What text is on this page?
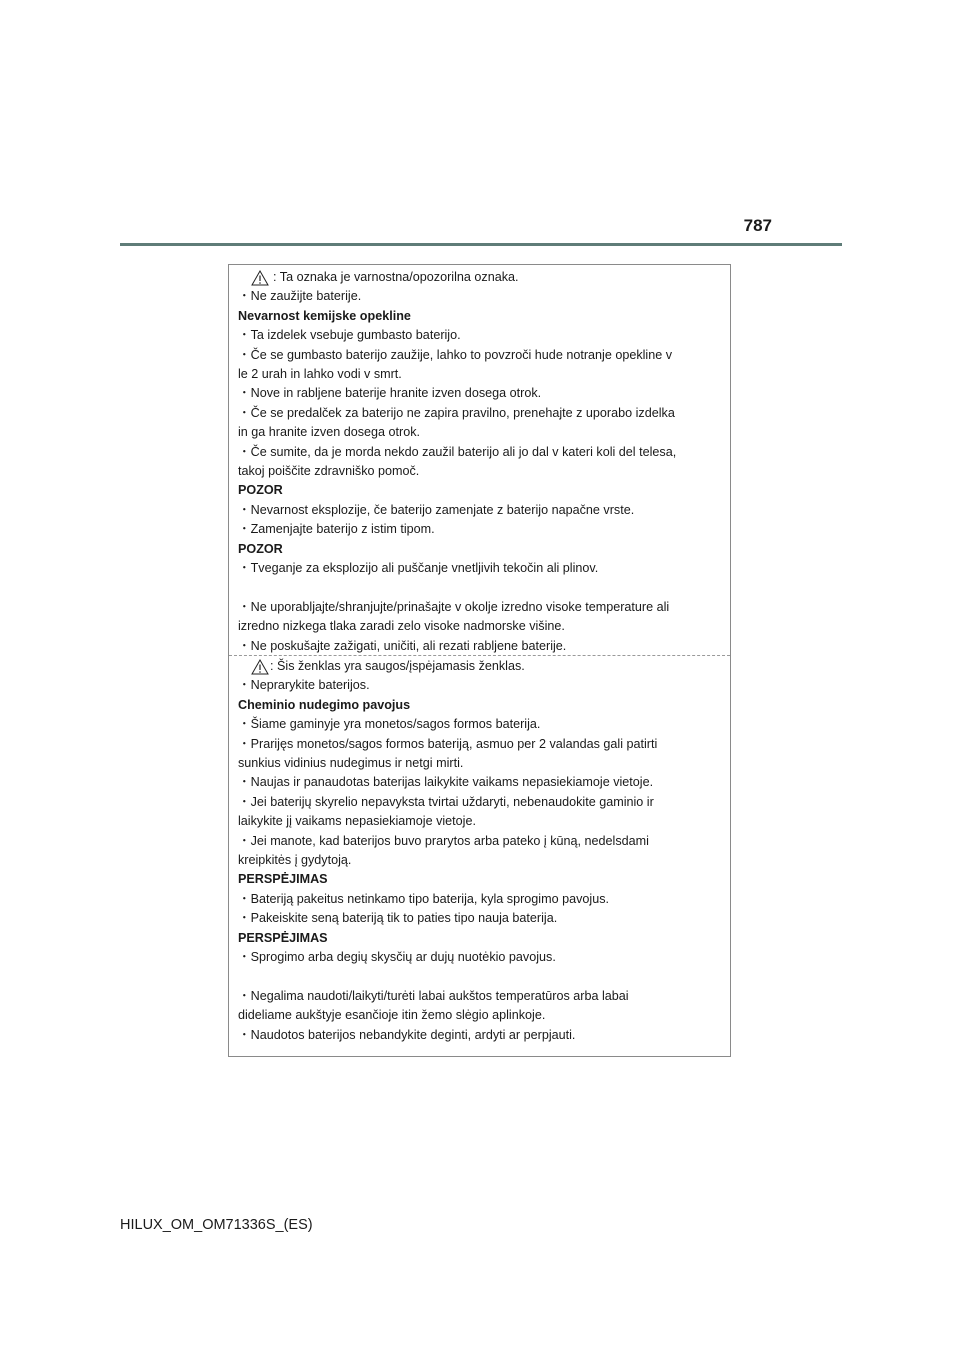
787
: Ta oznaka je varnostna/opozorilna oznaka.
・Ne zaužijte baterije.
Nevarnost kemijske opekline
・Ta izdelek vsebuje gumbasto baterijo.
・Če se gumbasto baterijo zaužije, lahko to povzroči hude notranje opekline v
le 2 urah in lahko vodi v smrt.
・Nove in rabljene baterije hranite izven dosega otrok.
・Če se predalček za baterijo ne zapira pravilno, prenehajte z uporabo izdelka
in ga hranite izven dosega otrok.
・Če sumite, da je morda nekdo zaužil baterijo ali jo dal v kateri koli del telesa,
takoj poiščite zdravniško pomoč.
POZOR
・Nevarnost eksplozije, če baterijo zamenjate z baterijo napačne vrste.
・Zamenjajte baterijo z istim tipom.
POZOR
・Tveganje za eksplozijo ali puščanje vnetljivih tekočin ali plinov.
・Ne uporabljajte/shranjujte/prinašajte v okolje izredno visoke temperature ali
izredno nizkega tlaka zaradi zelo visoke nadmorske višine.
・Ne poskušajte zažigati, uničiti, ali rezati rabljene baterije.
: Šis ženklas yra saugos/įspėjamasis ženklas.
・Neprarykite baterijos.
Cheminio nudegimo pavojus
・Šiame gaminyje yra monetos/sagos formos baterija.
・Prarijęs monetos/sagos formos bateriją, asmuo per 2 valandas gali patirti
sunkius vidinius nudegimus ir netgi mirti.
・Naujas ir panaudotas baterijas laikykite vaikams nepasiekiamoje vietoje.
・Jei baterijų skyrelio nepavyksta tvirtai uždaryti, nebenaudokite gaminio ir
laikykite jį vaikams nepasiekiamoje vietoje.
・Jei manote, kad baterijos buvo prarytos arba pateko į kūną, nedelsdami
kreipkitės į gydytoją.
PERSPĖJIMAS
・Bateriją pakeitus netinkamo tipo baterija, kyla sprogimo pavojus.
・Pakeiskite seną bateriją tik to paties tipo nauja baterija.
PERSPĖJIMAS
・Sprogimo arba degių skysčių ar dujų nuotėkio pavojus.
・Negalima naudoti/laikyti/turėti labai aukštos temperatūros arba labai
dideliame aukštyje esančioje itin žemo slėgio aplinkoje.
・Naudotos baterijos nebandykite deginti, ardyti ar perpjauti.
HILUX_OM_OM71336S_(ES)
